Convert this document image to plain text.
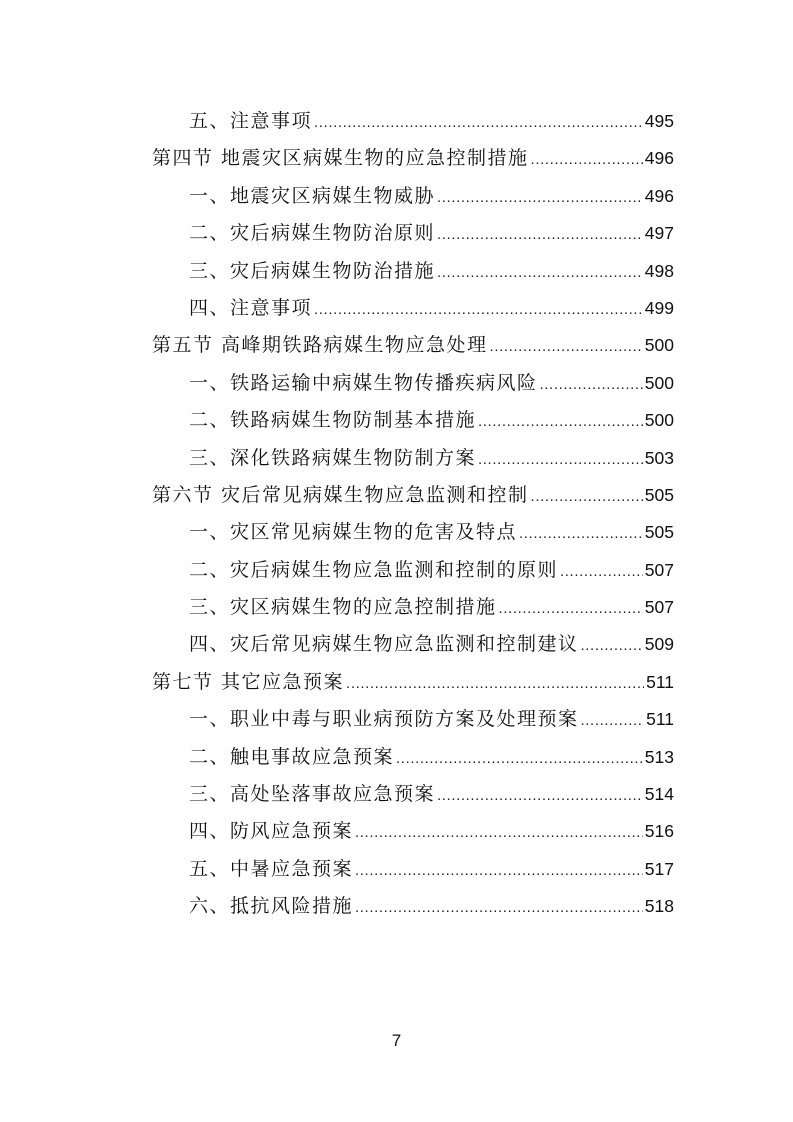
五、注意事项 .....	495
第四节 地震灾区病媒生物的应急控制措施 .....	496
一、地震灾区病媒生物威胁 .....	496
二、灾后病媒生物防治原则 .....	497
三、灾后病媒生物防治措施 .....	498
四、注意事项 .....	499
第五节 高峰期铁路病媒生物应急处理 .....	500
一、铁路运输中病媒生物传播疾病风险 .....	500
二、铁路病媒生物防制基本措施 .....	500
三、深化铁路病媒生物防制方案 .....	503
第六节 灾后常见病媒生物应急监测和控制 .....	505
一、灾区常见病媒生物的危害及特点 .....	505
二、灾后病媒生物应急监测和控制的原则 .....	507
三、灾区病媒生物的应急控制措施 .....	507
四、灾后常见病媒生物应急监测和控制建议 .....	509
第七节 其它应急预案 .....	511
一、职业中毒与职业病预防方案及处理预案 .....	511
二、触电事故应急预案 .....	513
三、高处坠落事故应急预案 .....	514
四、防风应急预案 .....	516
五、中暑应急预案 .....	517
六、抵抗风险措施 .....	518
7
